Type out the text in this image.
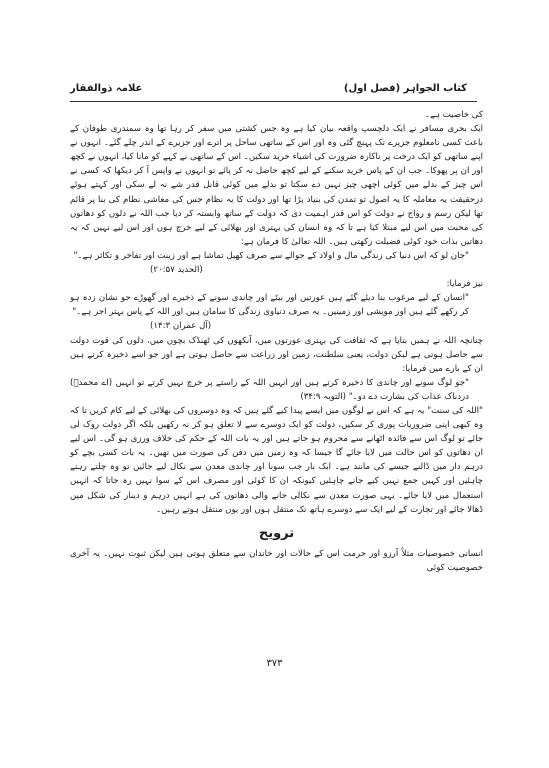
کتاب الجواہر (فصل اول)
علامہ ذوالفقار

کی خاصیت ہے۔

ایک بحری مسافر نے ایک دلچسپ واقعہ بیان کیا ہے وہ جس کشتی میں سفر کر رہا تھا وہ سمندری طوفان کے باعث کسی نامعلوم جزیرے تک پہنچ گئی وہ اور اس کے ساتھی ساحل پر اترے اور جزیرے کے اندر چلے گئے۔ انہوں نے اپنے ساتھی کو ایک درخت پر ناکارہ ضرورت کی اشیاء خرید سکیں۔ اس کے ساتھی نے کہے کو مانا کیا، انہوں نے کچھ اور ان پر پھوکا۔ جب ان کے پاس خرید سکنے کے لیے کچھ حاصل نہ کر پائے تو انہوں نے واپس آ کر دیکھا کہ کسی نے اس چیز کے بدلے میں کوئی اچھی چیز نہیں دے سکتا تو بدلے میں کوئی قابل قدر شے نہ لے سکی اور کہتے ہوئے درحقیقت یہ معاملہ کا یہ اصول تو تمدن کی بنیاد پڑا تھا اور دولت کا یہ نظام جس کی معاشی نظام کی بنا پر قائم تھا لیکن رسم و رواج نے دولت کو اس قدر اہمیت دی کہ دولت کے ساتھ وابستہ کر دیا جب اللہ نے دلوں کو دھاتوں کی محبت میں اس لیے مبتلا کیا ہے تا کہ وہ انسان کی بہتری اور بھلائی کے لیے خرچ ہوں اور اس لیے نہیں کہ یہ دھاتیں بذات خود کوئی فضیلت رکھتی ہیں۔ اللہ تعالیٰ کا فرمان ہے:

"جان لو کہ اس دنیا کی زندگی مال و اولاد کے حوالے سے صرف کھیل تماشا ہے اور زینت اور تفاخر و تکاثر ہے۔"

(الحدید ۲۰:۵۷)

نیز فرمایا:

"انسان کے لیے مرغوب بنا دیئے گئے ہیں عورتیں اور بیٹے اور چاندی سونے کے ذخیرے اور گھوڑے جو نشان زدہ ہو کر رکھے گئے ہیں اور مویشی اور زمینیں۔ یہ صرف دنیاوی زندگی کا سامان ہیں اور اللہ کے پاس بہتر اجر ہے۔"

(آل عمران ۱۴:۳)

چنانچہ اللہ نے ہمیں بتایا ہے کہ ثقافت کی بہتری عورتوں میں، آنکھوں کی ٹھنڈک بچوں میں، دلوں کی قوت دولت سے حاصل ہوتی ہے لیکن دولت، یعنی سلطنت، زمین اور زراعت سے حاصل ہوتی ہے اور جو اسے ذخیرہ کرتے ہیں ان کے بارے میں فرمایا:

"جو لوگ سونے اور چاندی کا ذخیرہ کرتے ہیں اور انہیں اللہ کے راستے پر خرچ نہیں کرتے تو انہیں (اے محمدؐ) دردناک عذاب کی بشارت دے دو۔" (التوبہ ۳۴:۹)

"اللہ کی سنت" یہ ہے کہ اس نے لوگوں میں ایسے پیدا کیے گئے ہیں کہ وہ دوسروں کی بھلائی کے لیے کام کریں تا کہ وہ کبھی اپنی ضروریات پوری کر سکیں، دولت کو ایک دوسرے سے لا تعلق ہو کر نہ رکھیں بلکہ اگر دولت روک لی جائے تو لوگ اس سے فائدہ اٹھانے سے محروم ہو جاتے ہیں اور یہ بات اللہ کے حکم کی خلاف ورزی ہو گی۔ اس لیے ان دھاتوں کو اس حالت میں لایا جائے گا جیسا کہ وہ زمین میں دفن کی صورت میں تھیں۔ یہ بات کسی بچے کو درہم دار میں ڈالنے جیسے کی مانند ہے۔ ایک بار جب سونا اور چاندی معدن سے نکال لیے جائیں تو وہ چلتے رہنے چاہئیں اور کہیں جمع نہیں کیے جانے چاہئیں کیونکہ ان کا کوئی اور مصرف اس کے سوا نہیں رہ جاتا کہ انہیں استعمال میں لایا جائے۔ یہی صورت معدن سے نکالی جانے والی دھاتوں کی ہے انہیں درہم و دینار کی شکل میں ڈھالا جائے اور تجارت کے لیے ایک سے دوسرے ہاتھ تک منتقل ہوں اور یوں منتقل ہوتے رہیں۔

ترویح

انسانی خصوصیات مثلاً آرزو اور حرمت اس کے حالات اور خاندان سے متعلق ہوتی ہیں لیکن ثبوت نہیں۔ یہ آخری خصوصیت کوئی

۳۷۳
